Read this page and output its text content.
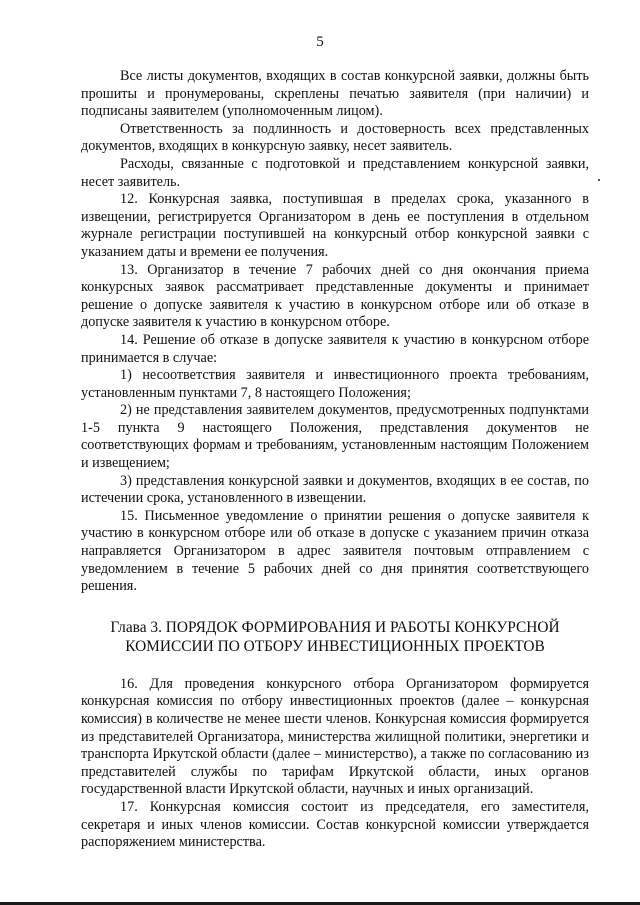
5

Все листы документов, входящих в состав конкурсной заявки, должны быть прошиты и пронумерованы, скреплены печатью заявителя (при наличии) и подписаны заявителем (уполномоченным лицом).

Ответственность за подлинность и достоверность всех представленных документов, входящих в конкурсную заявку, несет заявитель.

Расходы, связанные с подготовкой и представлением конкурсной заявки, несет заявитель.

12. Конкурсная заявка, поступившая в пределах срока, указанного в извещении, регистрируется Организатором в день ее поступления в отдельном журнале регистрации поступившей на конкурсный отбор конкурсной заявки с указанием даты и времени ее получения.

13. Организатор в течение 7 рабочих дней со дня окончания приема конкурсных заявок рассматривает представленные документы и принимает решение о допуске заявителя к участию в конкурсном отборе или об отказе в допуске заявителя к участию в конкурсном отборе.

14. Решение об отказе в допуске заявителя к участию в конкурсном отборе принимается в случае:

1) несоответствия заявителя и инвестиционного проекта требованиям, установленным пунктами 7, 8 настоящего Положения;

2) не представления заявителем документов, предусмотренных подпунктами 1-5 пункта 9 настоящего Положения, представления документов не соответствующих формам и требованиям, установленным настоящим Положением и извещением;

3) представления конкурсной заявки и документов, входящих в ее состав, по истечении срока, установленного в извещении.

15. Письменное уведомление о принятии решения о допуске заявителя к участию в конкурсном отборе или об отказе в допуске с указанием причин отказа направляется Организатором в адрес заявителя почтовым отправлением с уведомлением в течение 5 рабочих дней со дня принятия соответствующего решения.

Глава 3. ПОРЯДОК ФОРМИРОВАНИЯ И РАБОТЫ КОНКУРСНОЙ
КОМИССИИ ПО ОТБОРУ ИНВЕСТИЦИОННЫХ ПРОЕКТОВ

16. Для проведения конкурсного отбора Организатором формируется конкурсная комиссия по отбору инвестиционных проектов (далее – конкурсная комиссия) в количестве не менее шести членов. Конкурсная комиссия формируется из представителей Организатора, министерства жилищной политики, энергетики и транспорта Иркутской области (далее – министерство), а также по согласованию из представителей службы по тарифам Иркутской области, иных органов государственной власти Иркутской области, научных и иных организаций.

17. Конкурсная комиссия состоит из председателя, его заместителя, секретаря и иных членов комиссии. Состав конкурсной комиссии утверждается распоряжением министерства.
